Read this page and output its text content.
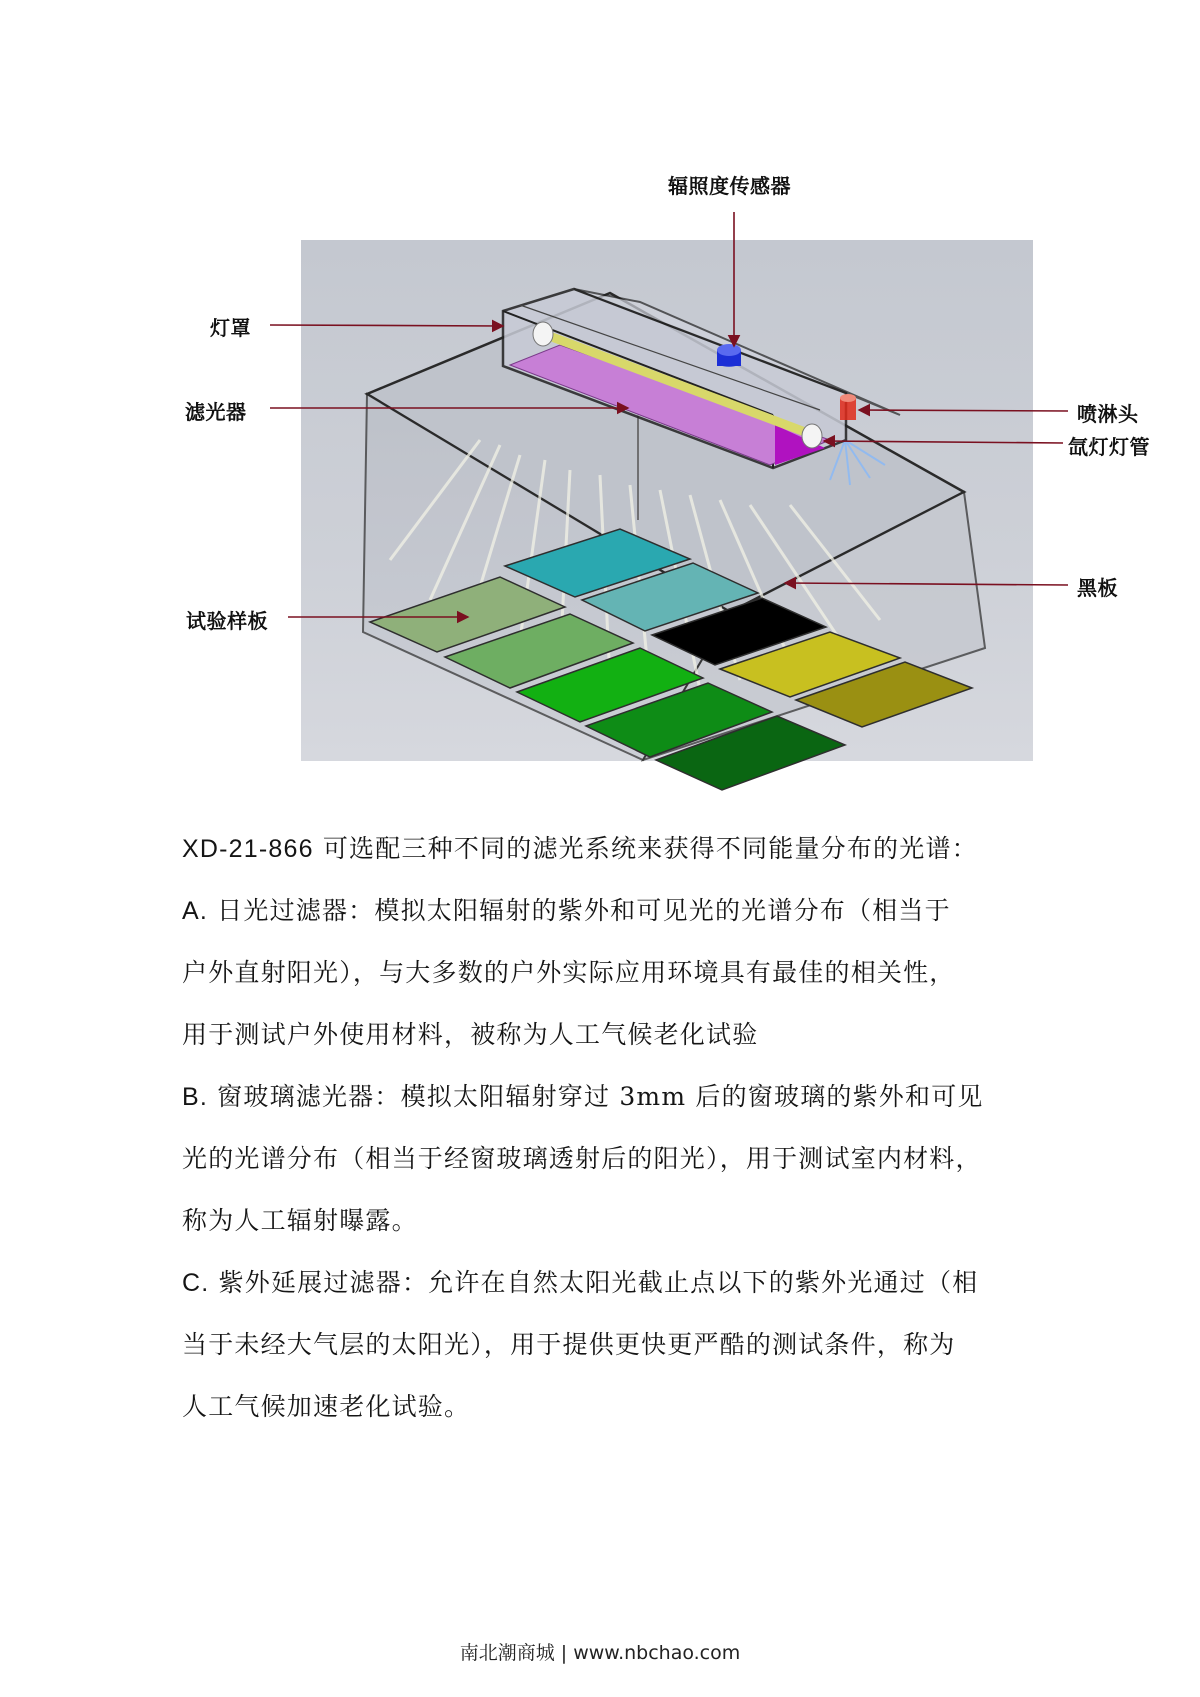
辐照度传感器
灯罩
滤光器	喷淋头
氙灯灯管
黑板
试验样板
XD-21-866 可选配三种不同的滤光系统来获得不同能量分布的光谱：
A. 日光过滤器：模拟太阳辐射的紫外和可见光的光谱分布（相当于
户外直射阳光），与大多数的户外实际应用环境具有最佳的相关性，
用于测试户外使用材料，被称为人工气候老化试验
B. 窗玻璃滤光器：模拟太阳辐射穿过 3mm 后的窗玻璃的紫外和可见
光的光谱分布（相当于经窗玻璃透射后的阳光），用于测试室内材料，
称为人工辐射曝露。
C. 紫外延展过滤器：允许在自然太阳光截止点以下的紫外光通过（相
当于未经大气层的太阳光），用于提供更快更严酷的测试条件，称为
人工气候加速老化试验。
南北潮商城 | www.nbchao.com
